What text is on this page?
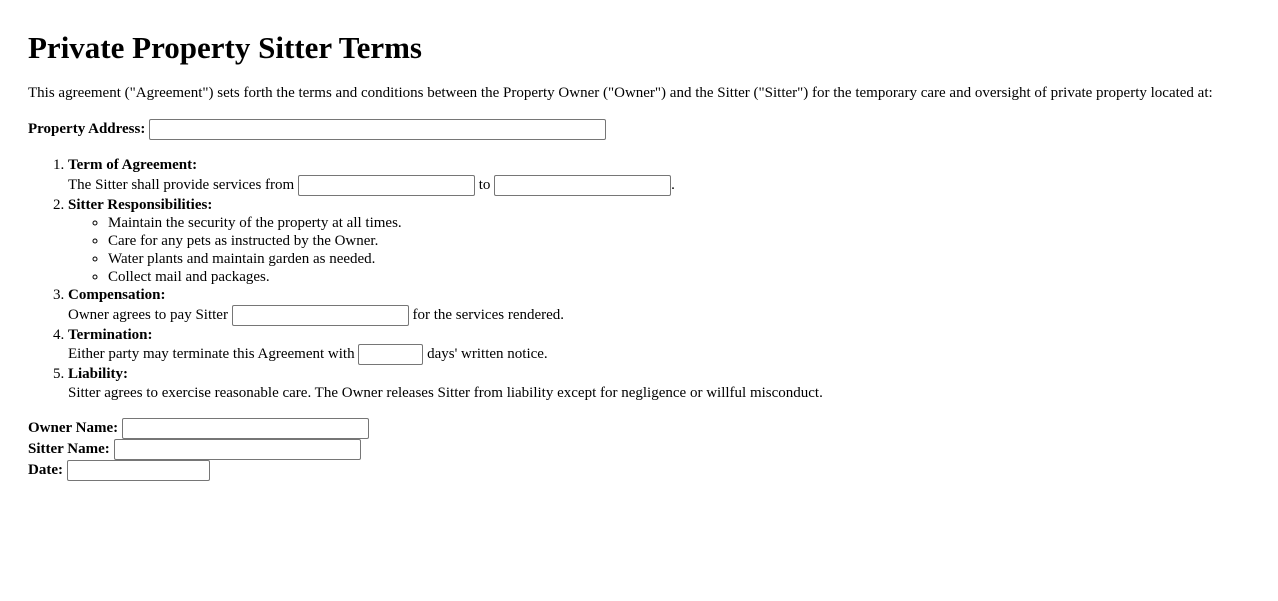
Private Property Sitter Terms

This agreement ("Agreement") sets forth the terms and conditions between the Property Owner ("Owner") and the Sitter ("Sitter") for the temporary care and oversight of private property located at:

Property Address:
1. Term of Agreement:
The Sitter shall provide services from	to	.
2. Sitter Responsibilities:
◦ Maintain the security of the property at all times.
◦ Care for any pets as instructed by the Owner.
◦ Water plants and maintain garden as needed.
◦ Collect mail and packages.
3. Compensation:
Owner agrees to pay Sitter	for the services rendered.
4. Termination:
Either party may terminate this Agreement with	days' written notice.
5. Liability:
Sitter agrees to exercise reasonable care. The Owner releases Sitter from liability except for negligence or willful misconduct.
Owner Name:
Sitter Name:
Date:
